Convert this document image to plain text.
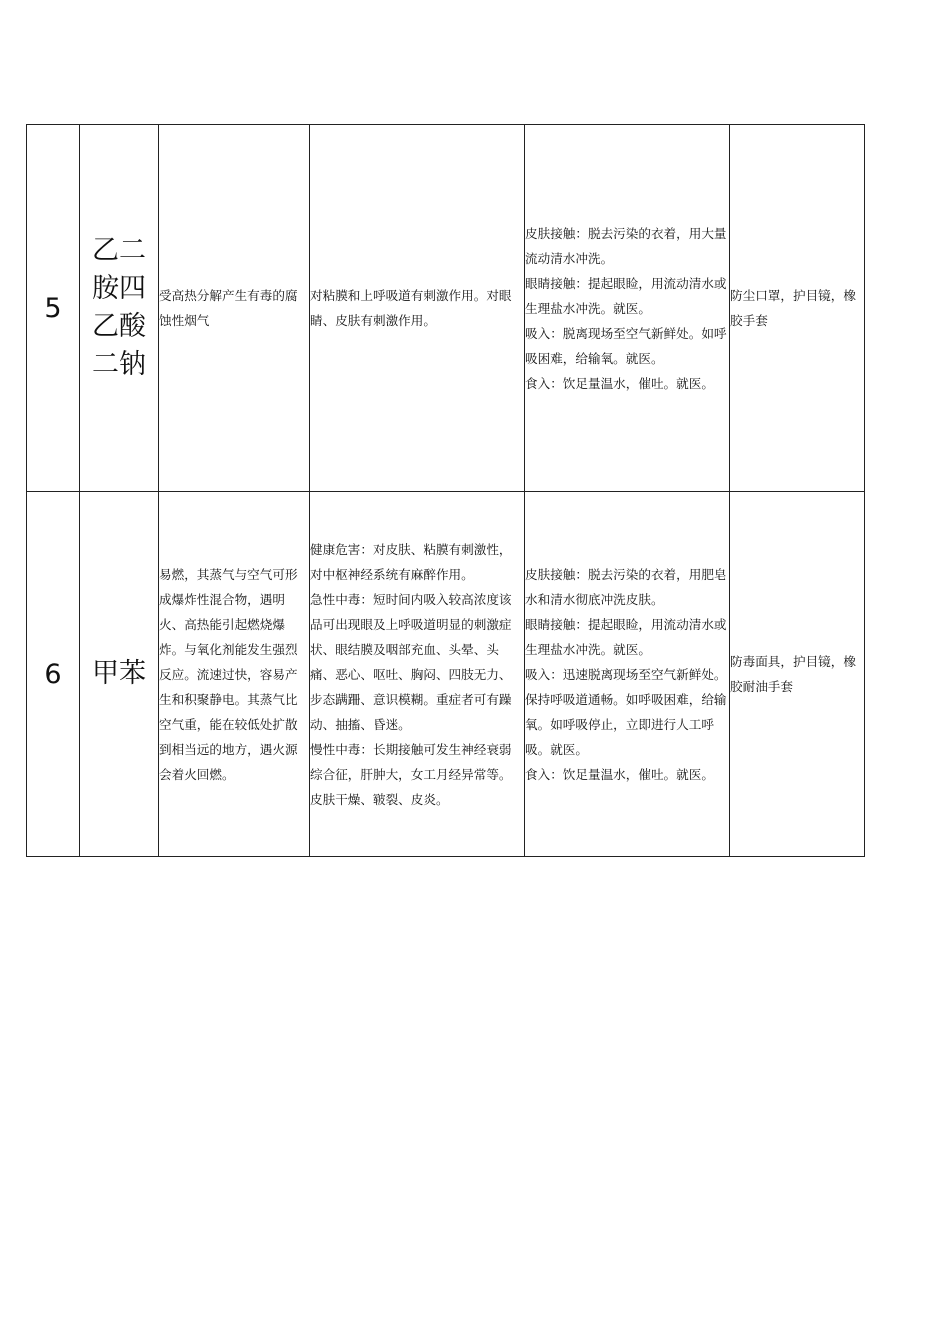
5	乙二胺四乙酸二钠	受高热分解产生有毒的腐蚀性烟气	对粘膜和上呼吸道有刺激作用。对眼睛、皮肤有刺激作用。	皮肤接触：脱去污染的衣着，用大量流动清水冲洗。
眼睛接触：提起眼睑，用流动清水或生理盐水冲洗。就医。
吸入：脱离现场至空气新鲜处。如呼吸困难，给输氧。就医。
食入：饮足量温水，催吐。就医。	防尘口罩，护目镜，橡胶手套

6	甲苯	易燃，其蒸气与空气可形成爆炸性混合物，遇明火、高热能引起燃烧爆炸。与氧化剂能发生强烈反应。流速过快，容易产生和积聚静电。其蒸气比空气重，能在较低处扩散到相当远的地方，遇火源会着火回燃。	健康危害：对皮肤、粘膜有刺激性，对中枢神经系统有麻醉作用。
急性中毒：短时间内吸入较高浓度该品可出现眼及上呼吸道明显的刺激症状、眼结膜及咽部充血、头晕、头痛、恶心、呕吐、胸闷、四肢无力、步态蹒跚、意识模糊。重症者可有躁动、抽搐、昏迷。
慢性中毒：长期接触可发生神经衰弱综合征，肝肿大，女工月经异常等。皮肤干燥、皲裂、皮炎。	皮肤接触：脱去污染的衣着，用肥皂水和清水彻底冲洗皮肤。
眼睛接触：提起眼睑，用流动清水或生理盐水冲洗。就医。
吸入：迅速脱离现场至空气新鲜处。保持呼吸道通畅。如呼吸困难，给输氧。如呼吸停止，立即进行人工呼吸。就医。
食入：饮足量温水，催吐。就医。	防毒面具，护目镜，橡胶耐油手套
